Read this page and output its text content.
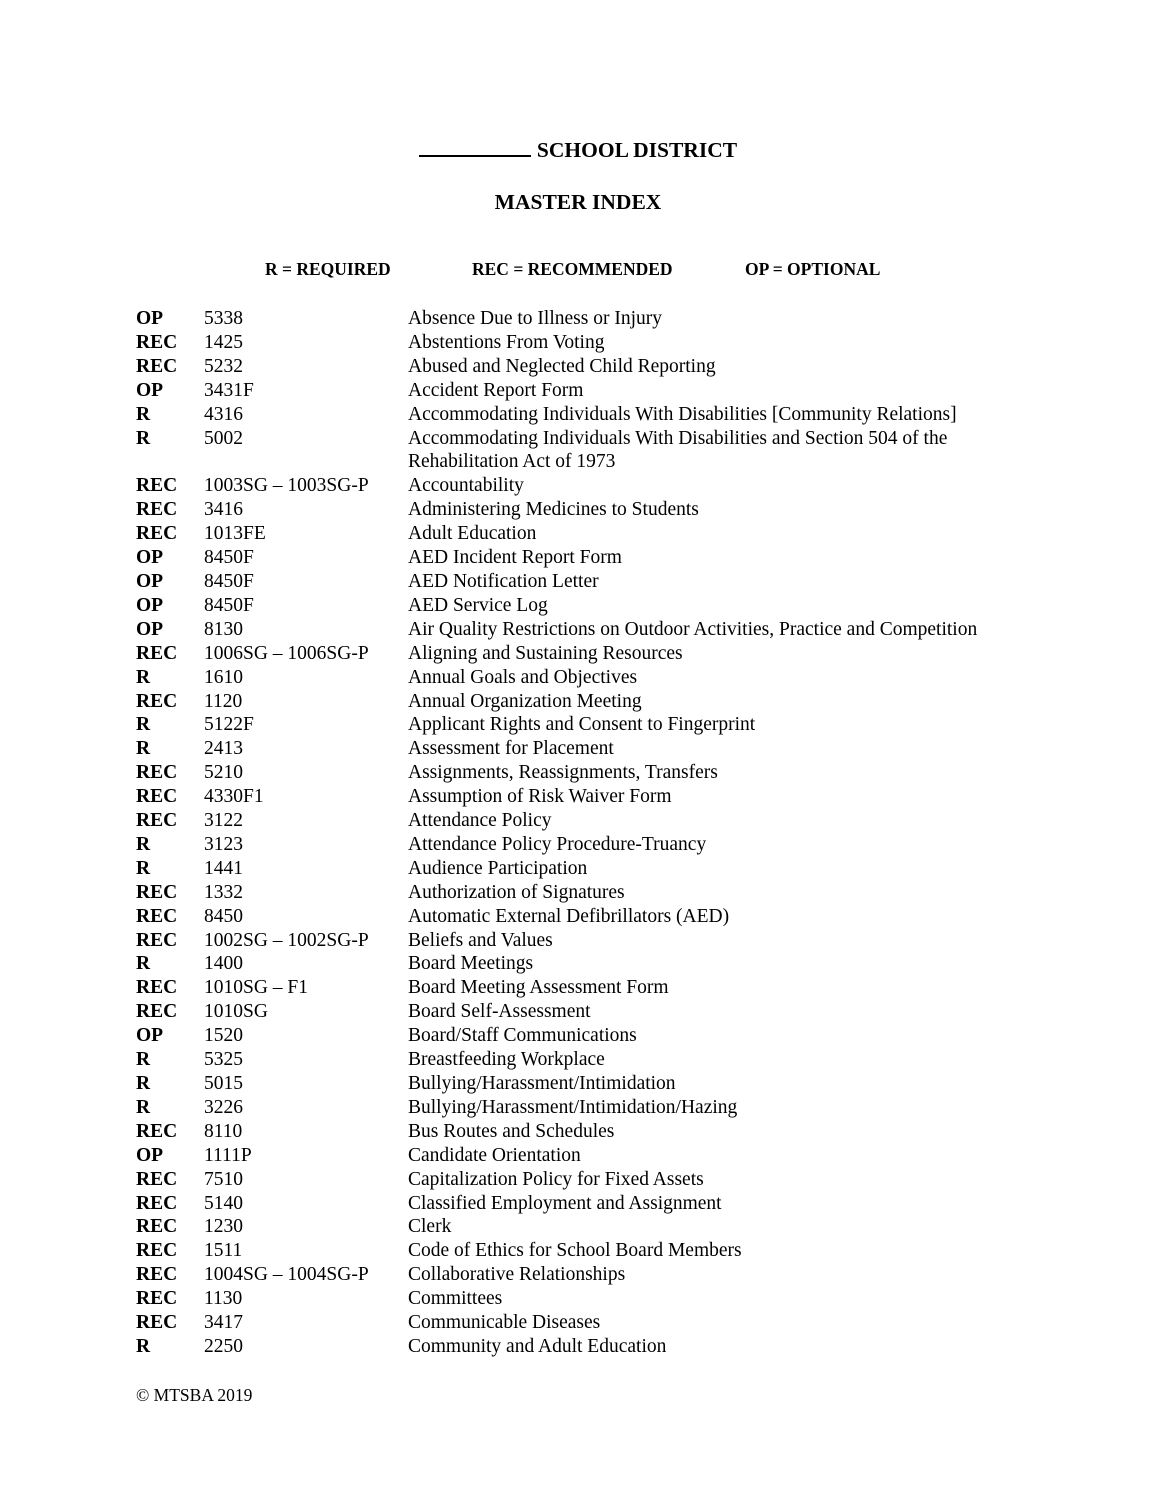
SCHOOL DISTRICT
MASTER INDEX
R = REQUIRED	REC = RECOMMENDED	OP = OPTIONAL
OP	5338	Absence Due to Illness or Injury
REC	1425	Abstentions From Voting
REC	5232	Abused and Neglected Child Reporting
OP	3431F	Accident Report Form
R	4316	Accommodating Individuals With Disabilities [Community Relations]
R	5002	Accommodating Individuals With Disabilities and Section 504 of the Rehabilitation Act of 1973
REC	1003SG – 1003SG-P	Accountability
REC	3416	Administering Medicines to Students
REC	1013FE	Adult Education
OP	8450F	AED Incident Report Form
OP	8450F	AED Notification Letter
OP	8450F	AED Service Log
OP	8130	Air Quality Restrictions on Outdoor Activities, Practice and Competition
REC	1006SG – 1006SG-P	Aligning and Sustaining Resources
R	1610	Annual Goals and Objectives
REC	1120	Annual Organization Meeting
R	5122F	Applicant Rights and Consent to Fingerprint
R	2413	Assessment for Placement
REC	5210	Assignments, Reassignments, Transfers
REC	4330F1	Assumption of Risk Waiver Form
REC	3122	Attendance Policy
R	3123	Attendance Policy Procedure-Truancy
R	1441	Audience Participation
REC	1332	Authorization of Signatures
REC	8450	Automatic External Defibrillators (AED)
REC	1002SG – 1002SG-P	Beliefs and Values
R	1400	Board Meetings
REC	1010SG – F1	Board Meeting Assessment Form
REC	1010SG	Board Self-Assessment
OP	1520	Board/Staff Communications
R	5325	Breastfeeding Workplace
R	5015	Bullying/Harassment/Intimidation
R	3226	Bullying/Harassment/Intimidation/Hazing
REC	8110	Bus Routes and Schedules
OP	1111P	Candidate Orientation
REC	7510	Capitalization Policy for Fixed Assets
REC	5140	Classified Employment and Assignment
REC	1230	Clerk
REC	1511	Code of Ethics for School Board Members
REC	1004SG – 1004SG-P	Collaborative Relationships
REC	1130	Committees
REC	3417	Communicable Diseases
R	2250	Community and Adult Education
© MTSBA 2019
